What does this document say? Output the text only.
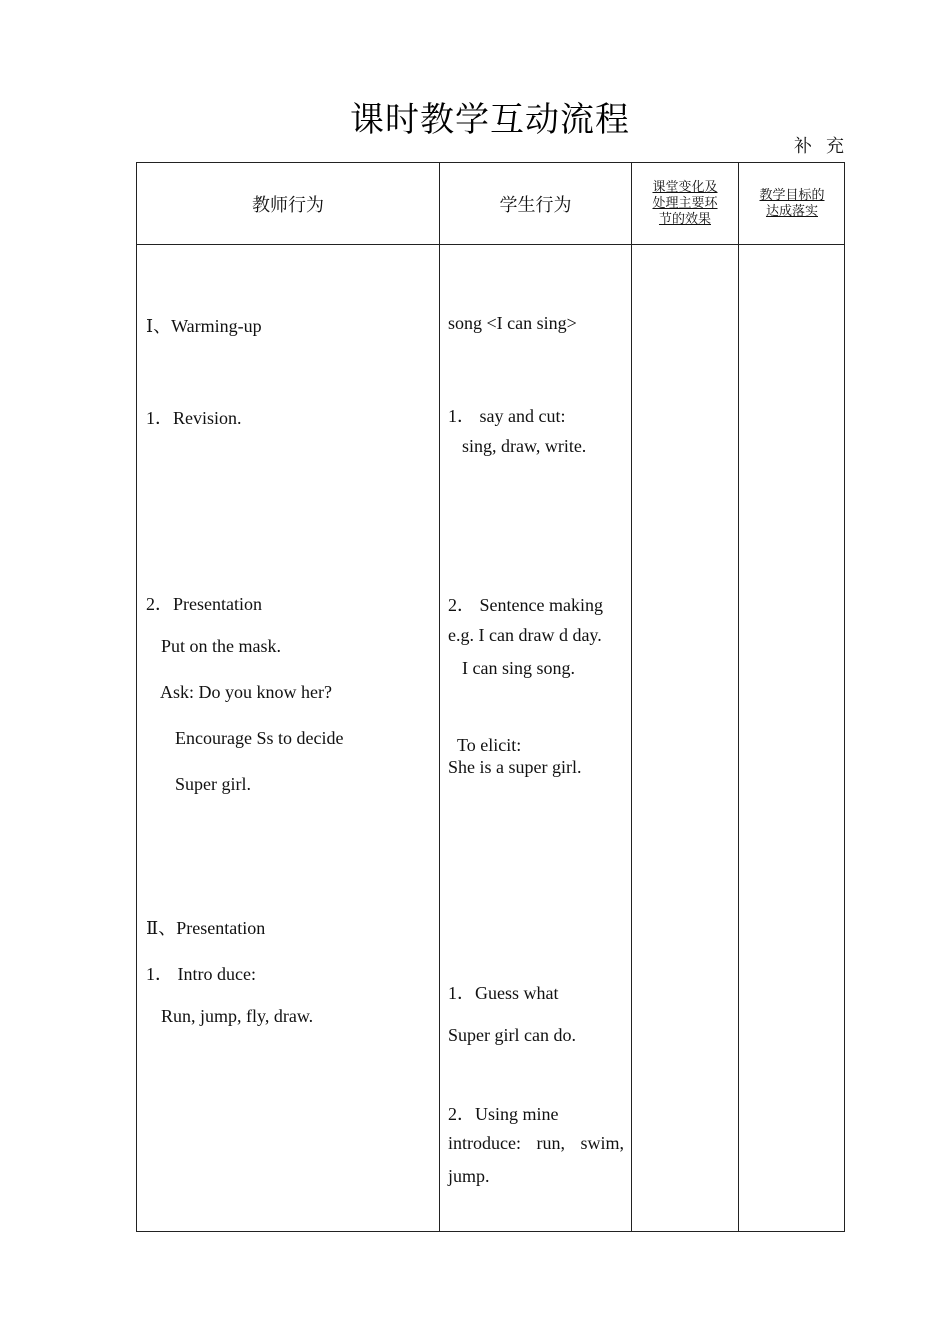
课时教学互动流程
补充
教师行为	学生行为
课堂变化及处理主要环节的效果
教学目标的达成落实
Ⅰ、Warming-up
1．Revision.
2．Presentation
Put on the mask.
Ask: Do you know her?
Encourage Ss to decide
Super girl.
Ⅱ、Presentation
1． Intro duce:
Run, jump, fly, draw.
song <I can sing>
1． say and cut:
sing, draw, write.
2． Sentence making
e.g. I can draw d day.
I can sing song.
To elicit:
She is a super girl.
1．Guess what
Super girl can do.
2．Using mine
introduce: run, swim,
jump.
